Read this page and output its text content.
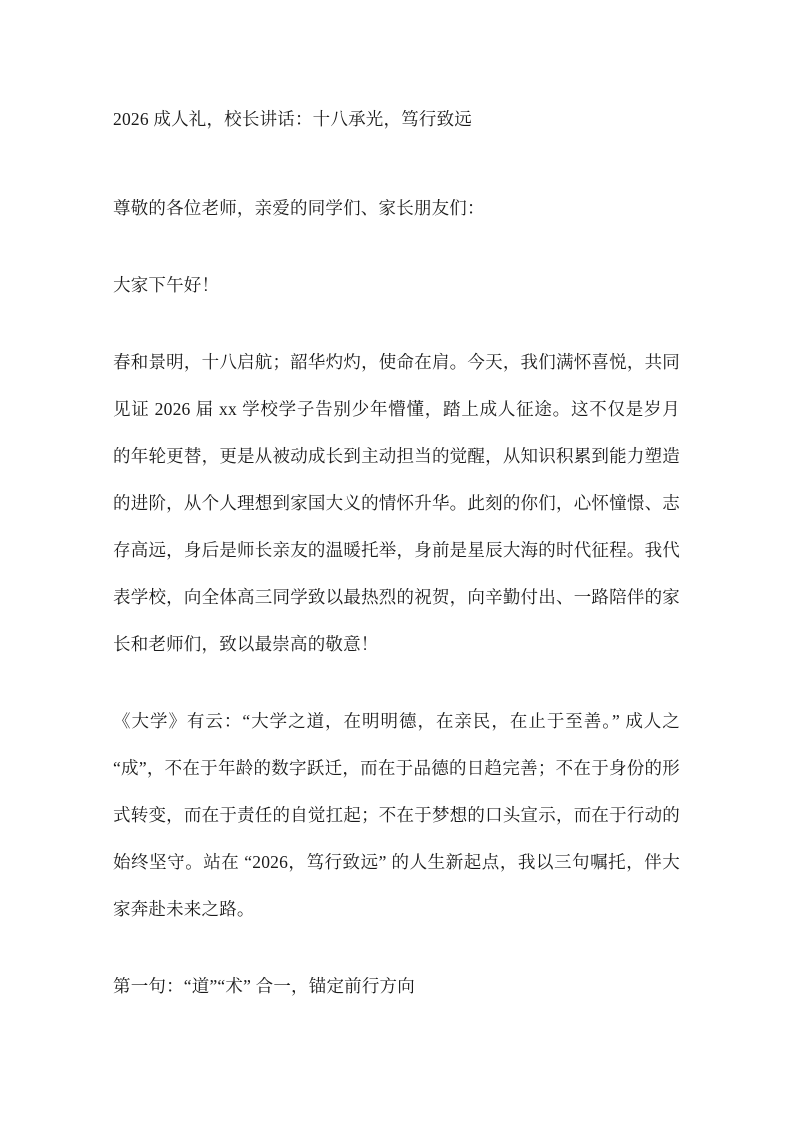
2026 成人礼，校长讲话：十八承光，笃行致远

尊敬的各位老师，亲爱的同学们、家长朋友们：

大家下午好！

春和景明，十八启航；韶华灼灼，使命在肩。今天，我们满怀喜悦，共同见证 2026 届 xx 学校学子告别少年懵懂，踏上成人征途。这不仅是岁月的年轮更替，更是从被动成长到主动担当的觉醒，从知识积累到能力塑造的进阶，从个人理想到家国大义的情怀升华。此刻的你们，心怀憧憬、志存高远，身后是师长亲友的温暖托举，身前是星辰大海的时代征程。我代表学校，向全体高三同学致以最热烈的祝贺，向辛勤付出、一路陪伴的家长和老师们，致以最崇高的敬意！

《大学》有云：“大学之道，在明明德，在亲民，在止于至善。” 成人之 “成”，不在于年龄的数字跃迁，而在于品德的日趋完善；不在于身份的形式转变，而在于责任的自觉扛起；不在于梦想的口头宣示，而在于行动的始终坚守。站在 “2026，笃行致远” 的人生新起点，我以三句嘱托，伴大家奔赴未来之路。

第一句：“道”“术” 合一，锚定前行方向
